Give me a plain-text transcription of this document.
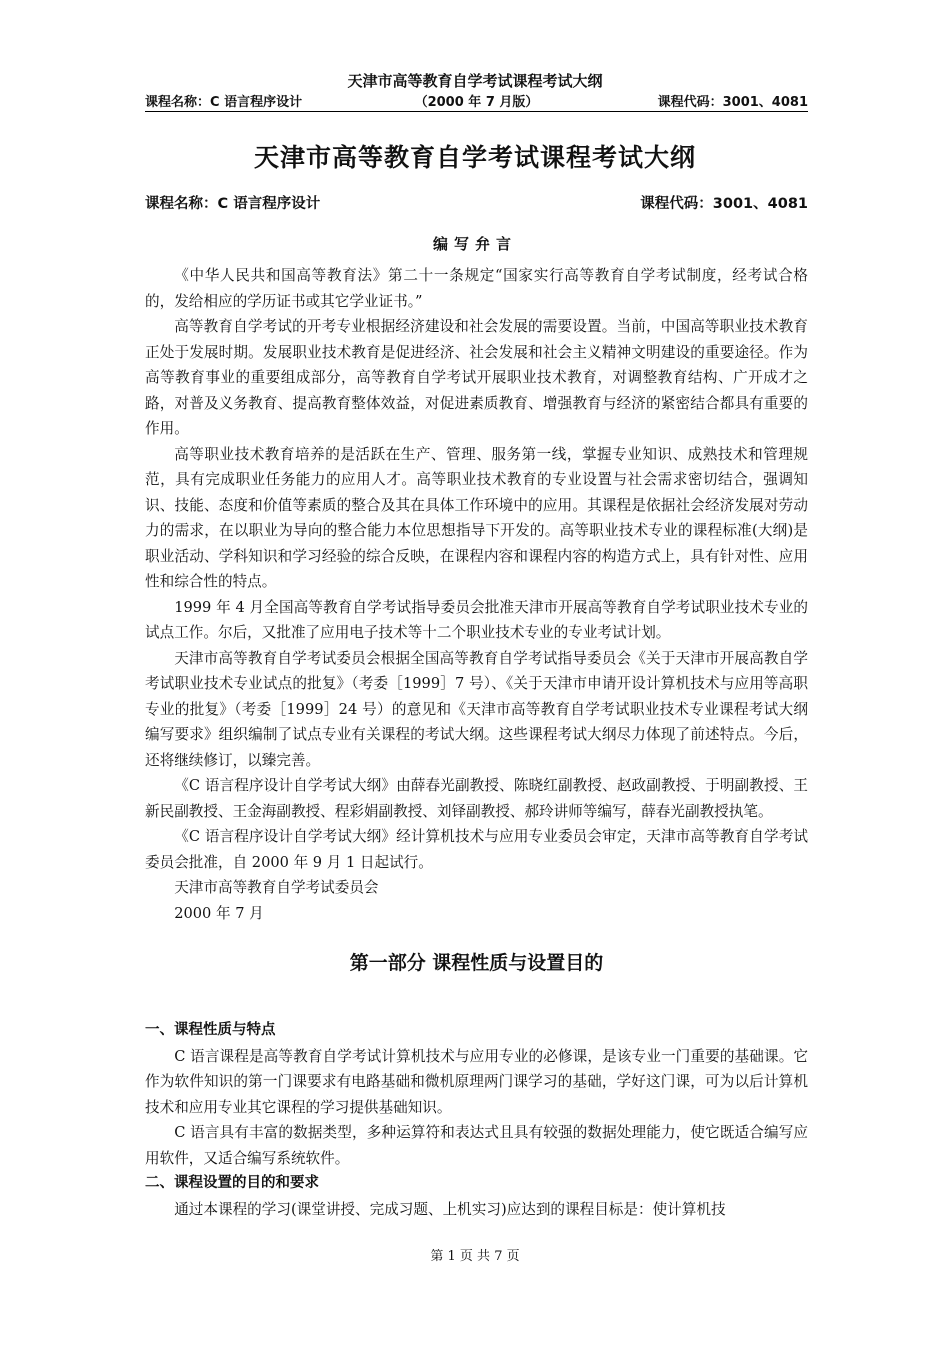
天津市高等教育自学考试课程考试大纲
课程名称：C 语言程序设计	（2000 年 7 月版）	课程代码：3001、4081
天津市高等教育自学考试课程考试大纲
课程名称：C 语言程序设计	课程代码：3001、4081
编写弁言

《中华人民共和国高等教育法》第二十一条规定“国家实行高等教育自学考试制度，经考试合格的，发给相应的学历证书或其它学业证书。”

高等教育自学考试的开考专业根据经济建设和社会发展的需要设置。当前，中国高等职业技术教育正处于发展时期。发展职业技术教育是促进经济、社会发展和社会主义精神文明建设的重要途径。作为高等教育事业的重要组成部分，高等教育自学考试开展职业技术教育，对调整教育结构、广开成才之路，对普及义务教育、提高教育整体效益，对促进素质教育、增强教育与经济的紧密结合都具有重要的作用。

高等职业技术教育培养的是活跃在生产、管理、服务第一线，掌握专业知识、成熟技术和管理规范，具有完成职业任务能力的应用人才。高等职业技术教育的专业设置与社会需求密切结合，强调知识、技能、态度和价值等素质的整合及其在具体工作环境中的应用。其课程是依据社会经济发展对劳动力的需求，在以职业为导向的整合能力本位思想指导下开发的。高等职业技术专业的课程标准(大纲)是职业活动、学科知识和学习经验的综合反映，在课程内容和课程内容的构造方式上，具有针对性、应用性和综合性的特点。

1999 年 4 月全国高等教育自学考试指导委员会批准天津市开展高等教育自学考试职业技术专业的试点工作。尔后，又批准了应用电子技术等十二个职业技术专业的专业考试计划。

天津市高等教育自学考试委员会根据全国高等教育自学考试指导委员会《关于天津市开展高教自学考试职业技术专业试点的批复》（考委［1999］7 号）、《关于天津市申请开设计算机技术与应用等高职专业的批复》（考委［1999］24 号）的意见和《天津市高等教育自学考试职业技术专业课程考试大纲编写要求》组织编制了试点专业有关课程的考试大纲。这些课程考试大纲尽力体现了前述特点。今后，还将继续修订，以臻完善。

《C 语言程序设计自学考试大纲》由薛春光副教授、陈晓红副教授、赵政副教授、于明副教授、王新民副教授、王金海副教授、程彩娟副教授、刘铎副教授、郝玲讲师等编写，薛春光副教授执笔。

《C 语言程序设计自学考试大纲》经计算机技术与应用专业委员会审定，天津市高等教育自学考试委员会批准，自 2000 年 9 月 1 日起试行。

天津市高等教育自学考试委员会

2000 年 7 月

第一部分 课程性质与设置目的
一、课程性质与特点

C 语言课程是高等教育自学考试计算机技术与应用专业的必修课，是该专业一门重要的基础课。它作为软件知识的第一门课要求有电路基础和微机原理两门课学习的基础，学好这门课，可为以后计算机技术和应用专业其它课程的学习提供基础知识。

C 语言具有丰富的数据类型，多种运算符和表达式且具有较强的数据处理能力，使它既适合编写应用软件，又适合编写系统软件。

二、课程设置的目的和要求

通过本课程的学习(课堂讲授、完成习题、上机实习)应达到的课程目标是：使计算机技

第 1 页 共 7 页
